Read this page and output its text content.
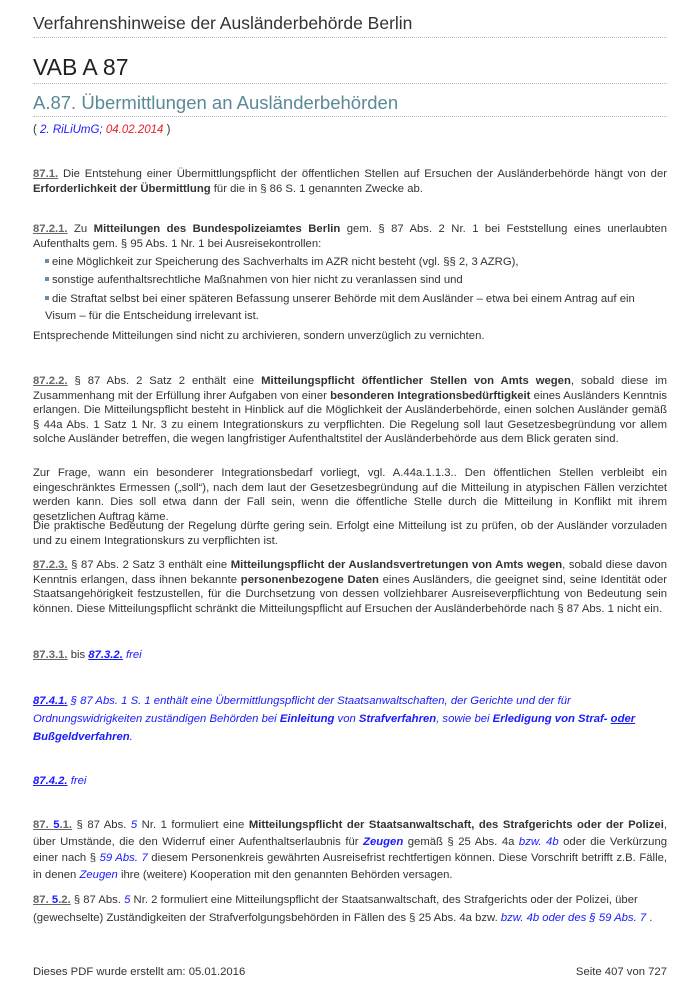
Verfahrenshinweise der Ausländerbehörde Berlin
VAB A 87
A.87. Übermittlungen an Ausländerbehörden
( 2. RiLiUmG; 04.02.2014 )
87.1. Die Entstehung einer Übermittlungspflicht der öffentlichen Stellen auf Ersuchen der Ausländerbehörde hängt von der Erforderlichkeit der Übermittlung für die in § 86 S. 1 genannten Zwecke ab.
87.2.1. Zu Mitteilungen des Bundespolizeiamtes Berlin gem. § 87 Abs. 2 Nr. 1 bei Feststellung eines unerlaubten Aufenthalts gem. § 95 Abs. 1 Nr. 1 bei Ausreisekontrollen:
eine Möglichkeit zur Speicherung des Sachverhalts im AZR nicht besteht (vgl. §§ 2, 3 AZRG),
sonstige aufenthaltsrechtliche Maßnahmen von hier nicht zu veranlassen sind und
die Straftat selbst bei einer späteren Befassung unserer Behörde mit dem Ausländer – etwa bei einem Antrag auf ein Visum – für die Entscheidung irrelevant ist.
Entsprechende Mitteilungen sind nicht zu archivieren, sondern unverzüglich zu vernichten.
87.2.2. § 87 Abs. 2 Satz 2 enthält eine Mitteilungspflicht öffentlicher Stellen von Amts wegen, sobald diese im Zusammenhang mit der Erfüllung ihrer Aufgaben von einer besonderen Integrationsbedürftigkeit eines Ausländers Kenntnis erlangen. Die Mitteilungspflicht besteht in Hinblick auf die Möglichkeit der Ausländerbehörde, einen solchen Ausländer gemäß § 44a Abs. 1 Satz 1 Nr. 3 zu einem Integrationskurs zu verpflichten. Die Regelung soll laut Gesetzesbegründung vor allem solche Ausländer betreffen, die wegen langfristiger Aufenthaltstitel der Ausländerbehörde aus dem Blick geraten sind.
Zur Frage, wann ein besonderer Integrationsbedarf vorliegt, vgl. A.44a.1.1.3.. Den öffentlichen Stellen verbleibt ein eingeschränktes Ermessen („soll“), nach dem laut der Gesetzesbegründung auf die Mitteilung in atypischen Fällen verzichtet werden kann. Dies soll etwa dann der Fall sein, wenn die öffentliche Stelle durch die Mitteilung in Konflikt mit ihrem gesetzlichen Auftrag käme.
Die praktische Bedeutung der Regelung dürfte gering sein. Erfolgt eine Mitteilung ist zu prüfen, ob der Ausländer vorzuladen und zu einem Integrationskurs zu verpflichten ist.
87.2.3. § 87 Abs. 2 Satz 3 enthält eine Mitteilungspflicht der Auslandsvertretungen von Amts wegen, sobald diese davon Kenntnis erlangen, dass ihnen bekannte personenbezogene Daten eines Ausländers, die geeignet sind, seine Identität oder Staatsangehörigkeit festzustellen, für die Durchsetzung von dessen vollziehbarer Ausreiseverpflichtung von Bedeutung sein können. Diese Mitteilungspflicht schränkt die Mitteilungspflicht auf Ersuchen der Ausländerbehörde nach § 87 Abs. 1 nicht ein.
87.3.1. bis 87.3.2. frei
87.4.1. § 87 Abs. 1 S. 1 enthält eine Übermittlungspflicht der Staatsanwaltschaften, der Gerichte und der für Ordnungswidrigkeiten zuständigen Behörden bei Einleitung von Strafverfahren, sowie bei Erledigung von Straf- oder Bußgeldverfahren.
87.4.2. frei
87. 5.1. § 87 Abs. 5 Nr. 1 formuliert eine Mitteilungspflicht der Staatsanwaltschaft, des Strafgerichts oder der Polizei, über Umstände, die den Widerruf einer Aufenthaltserlaubnis für Zeugen gemäß § 25 Abs. 4a bzw. 4b oder die Verkürzung einer nach § 59 Abs. 7 diesem Personenkreis gewährten Ausreisefrist rechtfertigen können. Diese Vorschrift betrifft z.B. Fälle, in denen Zeugen ihre (weitere) Kooperation mit den genannten Behörden versagen.
87. 5.2. § 87 Abs. 5 Nr. 2 formuliert eine Mitteilungspflicht der Staatsanwaltschaft, des Strafgerichts oder der Polizei, über (gewechselte) Zuständigkeiten der Strafverfolgungsbehörden in Fällen des § 25 Abs. 4a bzw. bzw. 4b oder des § 59 Abs. 7 .
Dieses PDF wurde erstellt am: 05.01.2016	Seite 407 von 727
